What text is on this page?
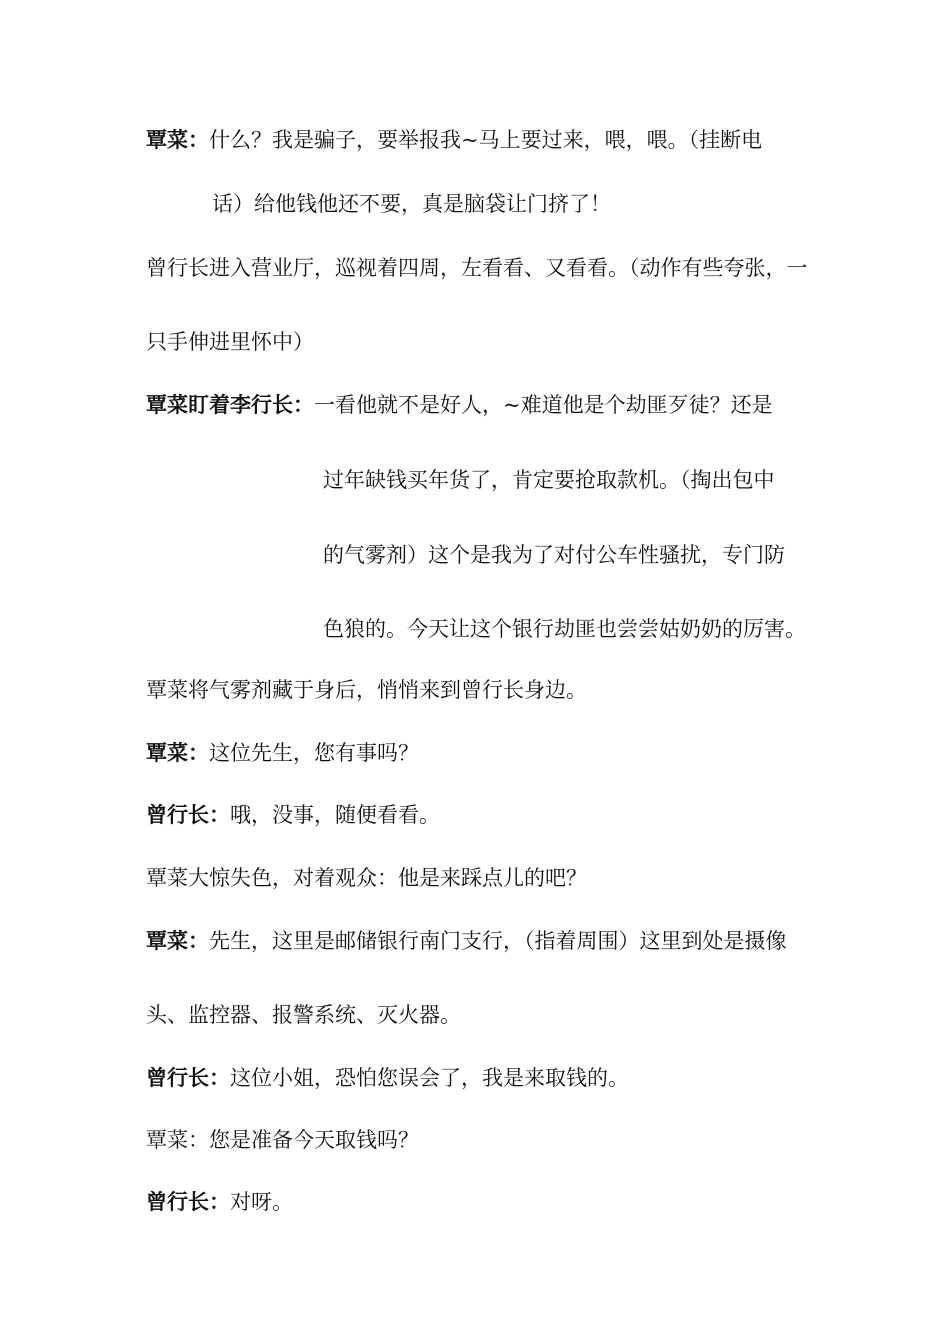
覃菜：什么？我是骗子，要举报我~马上要过来，喂，喂。（挂断电
话）给他钱他还不要，真是脑袋让门挤了！
曾行长进入营业厅，巡视着四周，左看看、又看看。（动作有些夸张，一
只手伸进里怀中）
覃菜盯着李行长：一看他就不是好人，~难道他是个劫匪歹徒？还是
过年缺钱买年货了，肯定要抢取款机。（掏出包中
的气雾剂）这个是我为了对付公车性骚扰，专门防
色狼的。今天让这个银行劫匪也尝尝姑奶奶的厉害。
覃菜将气雾剂藏于身后，悄悄来到曾行长身边。
覃菜：这位先生，您有事吗？
曾行长：哦，没事，随便看看。
覃菜大惊失色，对着观众：他是来踩点儿的吧？
覃菜：先生，这里是邮储银行南门支行，（指着周围）这里到处是摄像
头、监控器、报警系统、灭火器。
曾行长：这位小姐，恐怕您误会了，我是来取钱的。
覃菜：您是准备今天取钱吗？
曾行长：对呀。
